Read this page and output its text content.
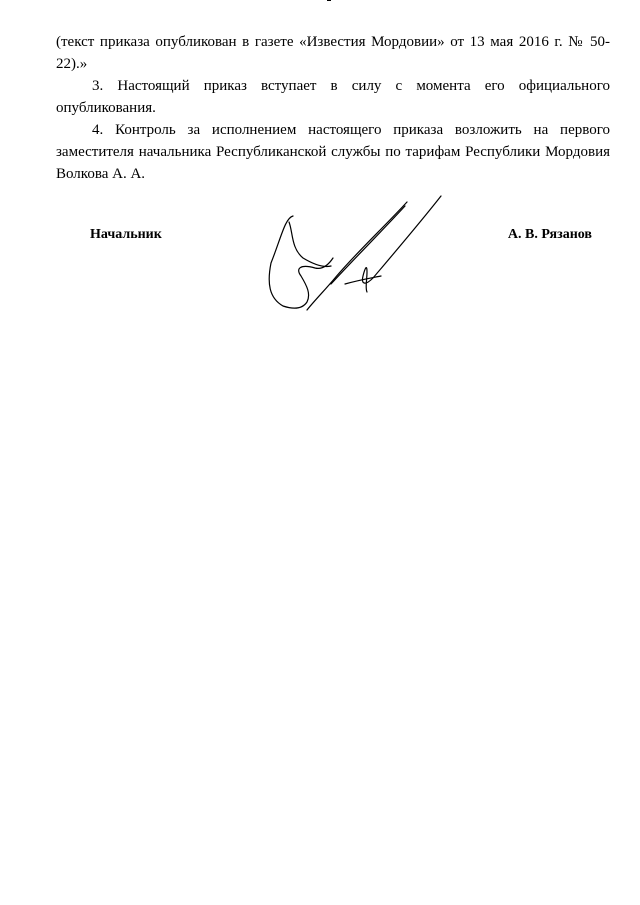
(текст приказа опубликован в газете «Известия Мордовии» от 13 мая 2016 г. № 50-22).»

3. Настоящий приказ вступает в силу с момента его официального опубликования.

4. Контроль за исполнением настоящего приказа возложить на первого заместителя начальника Республиканской службы по тарифам Республики Мордовия Волкова А. А.

Начальник	А. В. Рязанов
